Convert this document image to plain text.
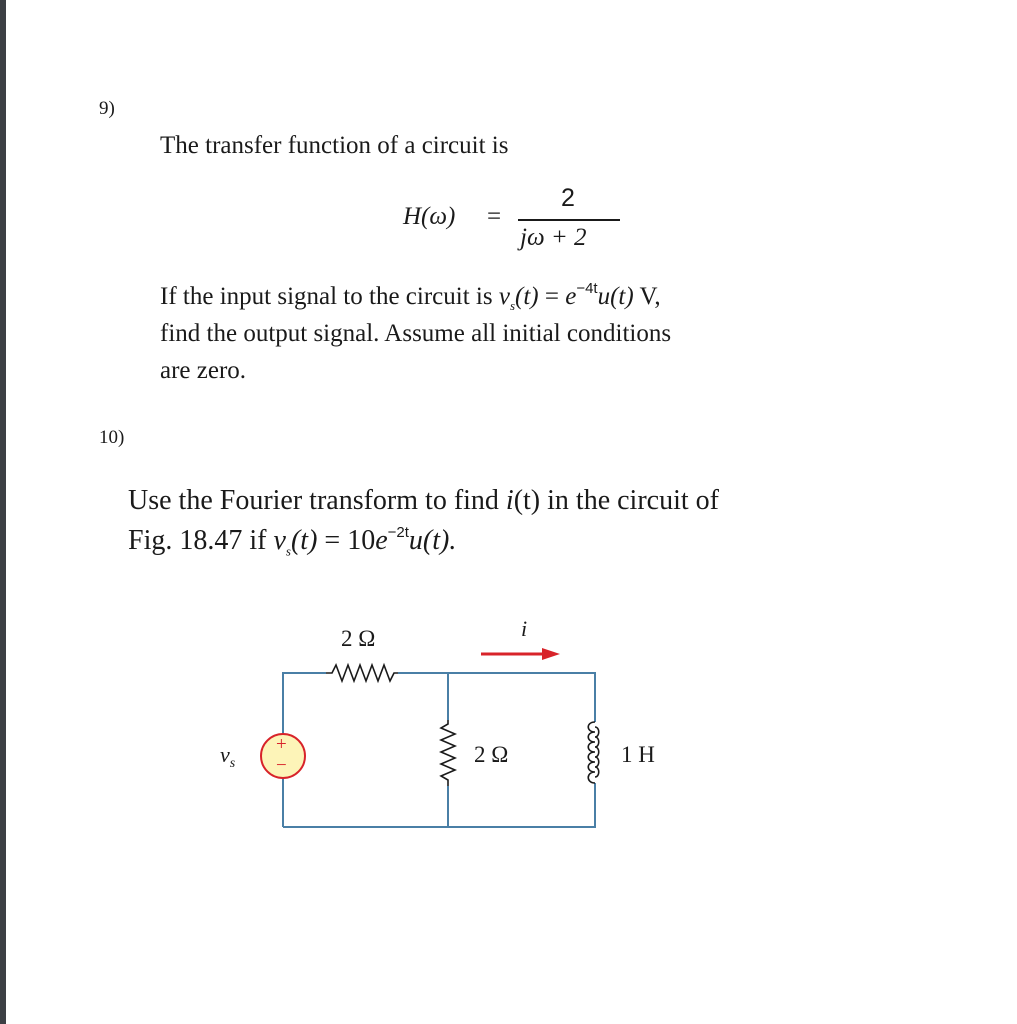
9)
The transfer function of a circuit is
H(ω) =
2
jω + 2
If the input signal to the circuit is $v_s(t) = e^{-4t}u(t)$ V,
find the output signal. Assume all initial conditions
are zero.
10)
Use the Fourier transform to find i(t) in the circuit of
Fig. 18.47 if $v_s(t) = 10e^{-2t}u(t)$.
+
−
2 Ω
2 Ω	1 H
i
$v_s$
